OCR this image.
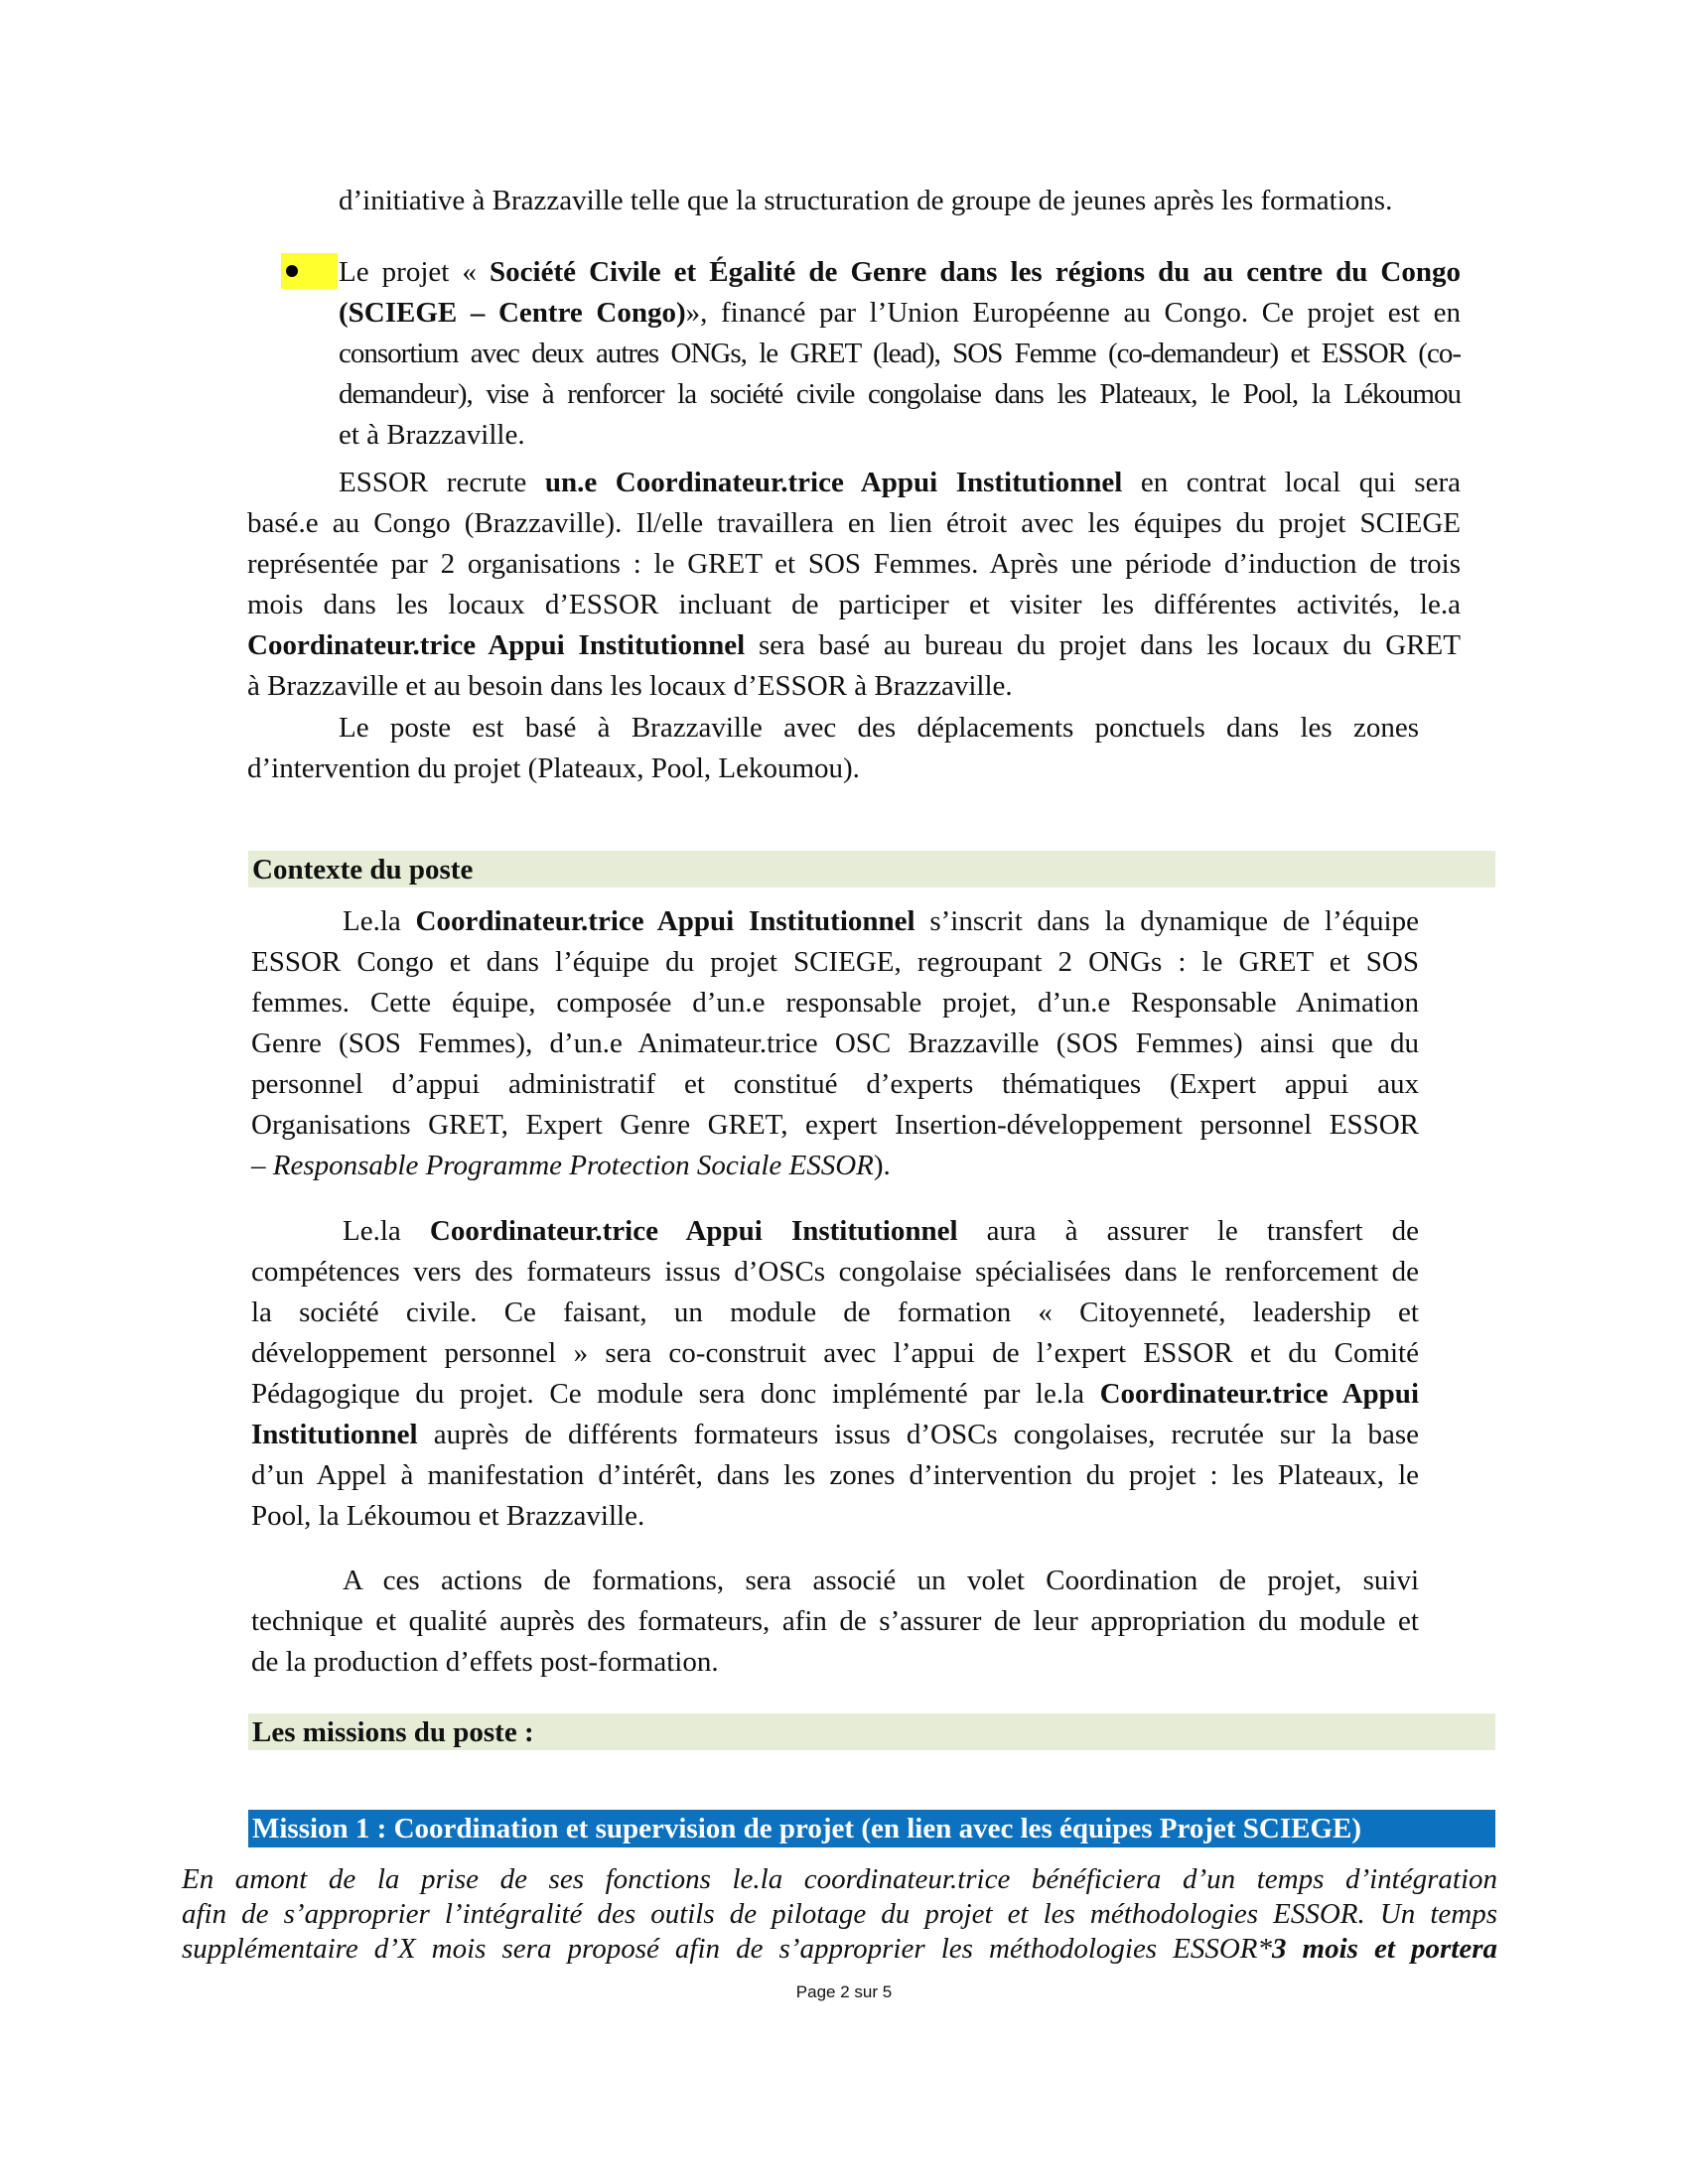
d’initiative à Brazzaville telle que la structuration de groupe de jeunes après les formations.
Le projet « Société Civile et Égalité de Genre dans les régions du au centre du Congo
(SCIEGE – Centre Congo)», financé par l’Union Européenne au Congo. Ce projet est en
consortium avec deux autres ONGs, le GRET (lead), SOS Femme (co-demandeur) et ESSOR (co-
demandeur), vise à renforcer la société civile congolaise dans les Plateaux, le Pool, la Lékoumou
et à Brazzaville.
ESSOR recrute un.e Coordinateur.trice Appui Institutionnel en contrat local qui sera
basé.e au Congo (Brazzaville). Il/elle travaillera en lien étroit avec les équipes du projet SCIEGE
représentée par 2 organisations : le GRET et SOS Femmes. Après une période d’induction de trois
mois dans les locaux d’ESSOR incluant de participer et visiter les différentes activités, le.a
Coordinateur.trice Appui Institutionnel sera basé au bureau du projet dans les locaux du GRET
à Brazzaville et au besoin dans les locaux d’ESSOR à Brazzaville.
Le poste est basé à Brazzaville avec des déplacements ponctuels dans les zones
d’intervention du projet (Plateaux, Pool, Lekoumou).
Contexte du poste
Le.la Coordinateur.trice Appui Institutionnel s’inscrit dans la dynamique de l’équipe
ESSOR Congo et dans l’équipe du projet SCIEGE, regroupant 2 ONGs : le GRET et SOS
femmes. Cette équipe, composée d’un.e responsable projet, d’un.e Responsable Animation
Genre (SOS Femmes), d’un.e Animateur.trice OSC Brazzaville (SOS Femmes) ainsi que du
personnel d’appui administratif et constitué d’experts thématiques (Expert appui aux
Organisations GRET, Expert Genre GRET, expert Insertion-développement personnel ESSOR
– Responsable Programme Protection Sociale ESSOR).
Le.la Coordinateur.trice Appui Institutionnel aura à assurer le transfert de
compétences vers des formateurs issus d’OSCs congolaise spécialisées dans le renforcement de
la société civile. Ce faisant, un module de formation « Citoyenneté, leadership et
développement personnel » sera co-construit avec l’appui de l’expert ESSOR et du Comité
Pédagogique du projet. Ce module sera donc implémenté par le.la Coordinateur.trice Appui
Institutionnel auprès de différents formateurs issus d’OSCs congolaises, recrutée sur la base
d’un Appel à manifestation d’intérêt, dans les zones d’intervention du projet : les Plateaux, le
Pool, la Lékoumou et Brazzaville.
A ces actions de formations, sera associé un volet Coordination de projet, suivi
technique et qualité auprès des formateurs, afin de s’assurer de leur appropriation du module et
de la production d’effets post-formation.
Les missions du poste :
Mission 1 : Coordination et supervision de projet (en lien avec les équipes Projet SCIEGE)
En amont de la prise de ses fonctions le.la coordinateur.trice bénéficiera d’un temps d’intégration
afin de s’approprier l’intégralité des outils de pilotage du projet et les méthodologies ESSOR. Un temps
supplémentaire d’X mois sera proposé afin de s’approprier les méthodologies ESSOR*3 mois et portera
Page 2 sur 5
